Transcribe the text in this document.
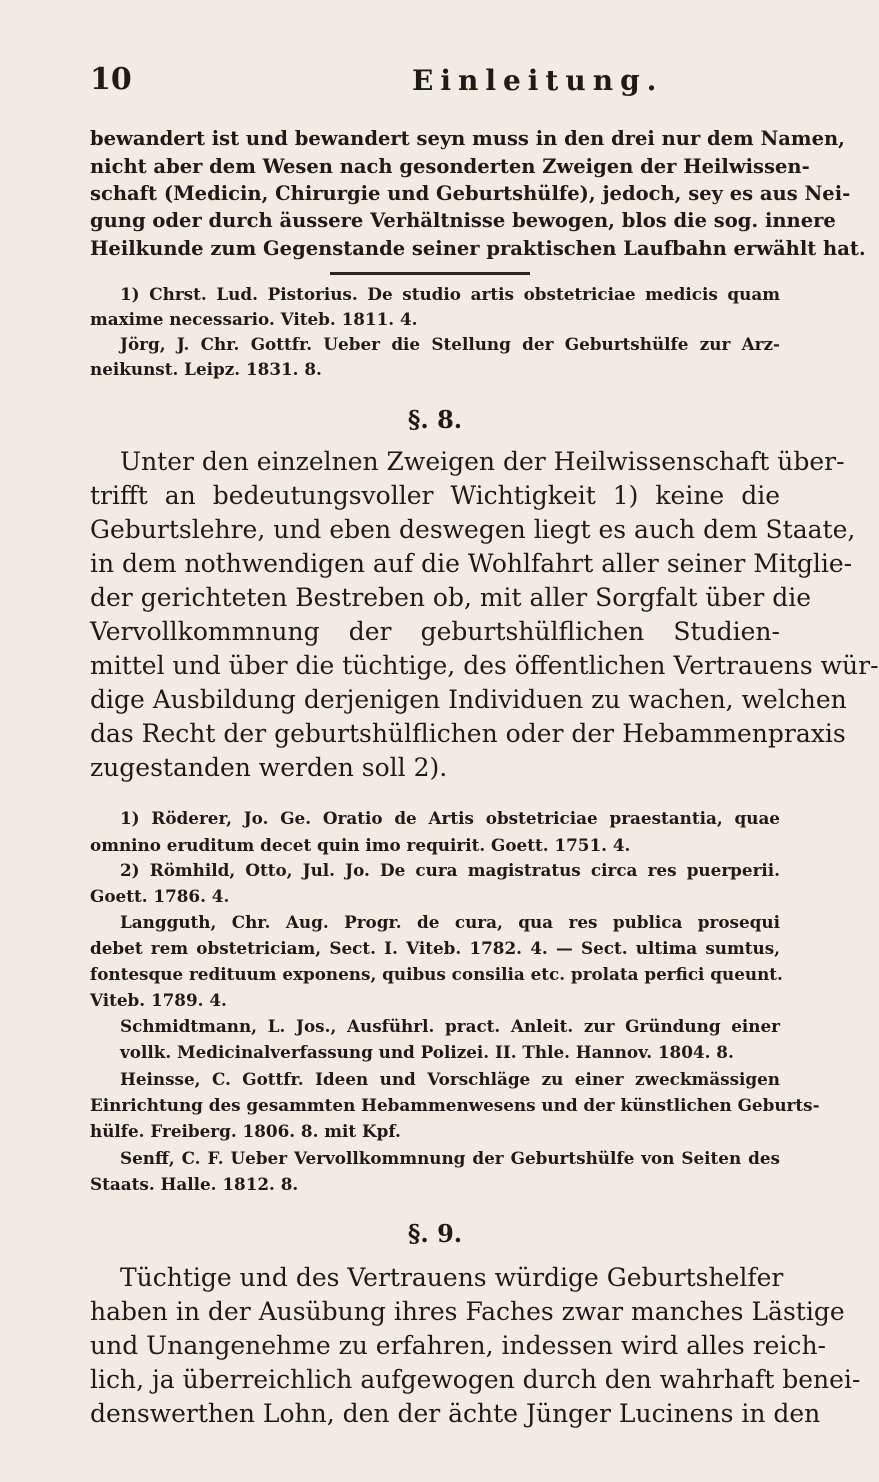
10	Einleitung.
bewandert ist und bewandert seyn muss in den drei nur dem Namen,
nicht aber dem Wesen nach gesonderten Zweigen der Heilwissen-
schaft (Medicin, Chirurgie und Geburtshülfe), jedoch, sey es aus Nei-
gung oder durch äussere Verhältnisse bewogen, blos die sog. innere
Heilkunde zum Gegenstande seiner praktischen Laufbahn erwählt hat.
1) Chrst. Lud. Pistorius. De studio artis obstetriciae medicis quam
maxime necessario. Viteb. 1811. 4.
Jörg, J. Chr. Gottfr. Ueber die Stellung der Geburtshülfe zur Arz-
neikunst. Leipz. 1831. 8.
§. 8.
Unter den einzelnen Zweigen der Heilwissenschaft über-
trifft an bedeutungsvoller Wichtigkeit 1) keine die
Geburtslehre, und eben deswegen liegt es auch dem Staate,
in dem nothwendigen auf die Wohlfahrt aller seiner Mitglie-
der gerichteten Bestreben ob, mit aller Sorgfalt über die
Vervollkommnung der geburtshülflichen Studien-
mittel und über die tüchtige, des öffentlichen Vertrauens wür-
dige Ausbildung derjenigen Individuen zu wachen, welchen
das Recht der geburtshülflichen oder der Hebammenpraxis
zugestanden werden soll 2).
1) Röderer, Jo. Ge. Oratio de Artis obstetriciae praestantia, quae
omnino eruditum decet quin imo requirit. Goett. 1751. 4.
2) Römhild, Otto, Jul. Jo. De cura magistratus circa res puerperii.
Goett. 1786. 4.
Langguth, Chr. Aug. Progr. de cura, qua res publica prosequi
debet rem obstetriciam, Sect. I. Viteb. 1782. 4. — Sect. ultima sumtus,
fontesque redituum exponens, quibus consilia etc. prolata perfici queunt.
Viteb. 1789. 4.
Schmidtmann, L. Jos., Ausführl. pract. Anleit. zur Gründung einer
vollk. Medicinalverfassung und Polizei. II. Thle. Hannov. 1804. 8.
Heinsse, C. Gottfr. Ideen und Vorschläge zu einer zweckmässigen
Einrichtung des gesammten Hebammenwesens und der künstlichen Geburts-
hülfe. Freiberg. 1806. 8. mit Kpf.
Senff, C. F. Ueber Vervollkommnung der Geburtshülfe von Seiten des
Staats. Halle. 1812. 8.
§. 9.
Tüchtige und des Vertrauens würdige Geburtshelfer
haben in der Ausübung ihres Faches zwar manches Lästige
und Unangenehme zu erfahren, indessen wird alles reich-
lich, ja überreichlich aufgewogen durch den wahrhaft benei-
denswerthen Lohn, den der ächte Jünger Lucinens in den
